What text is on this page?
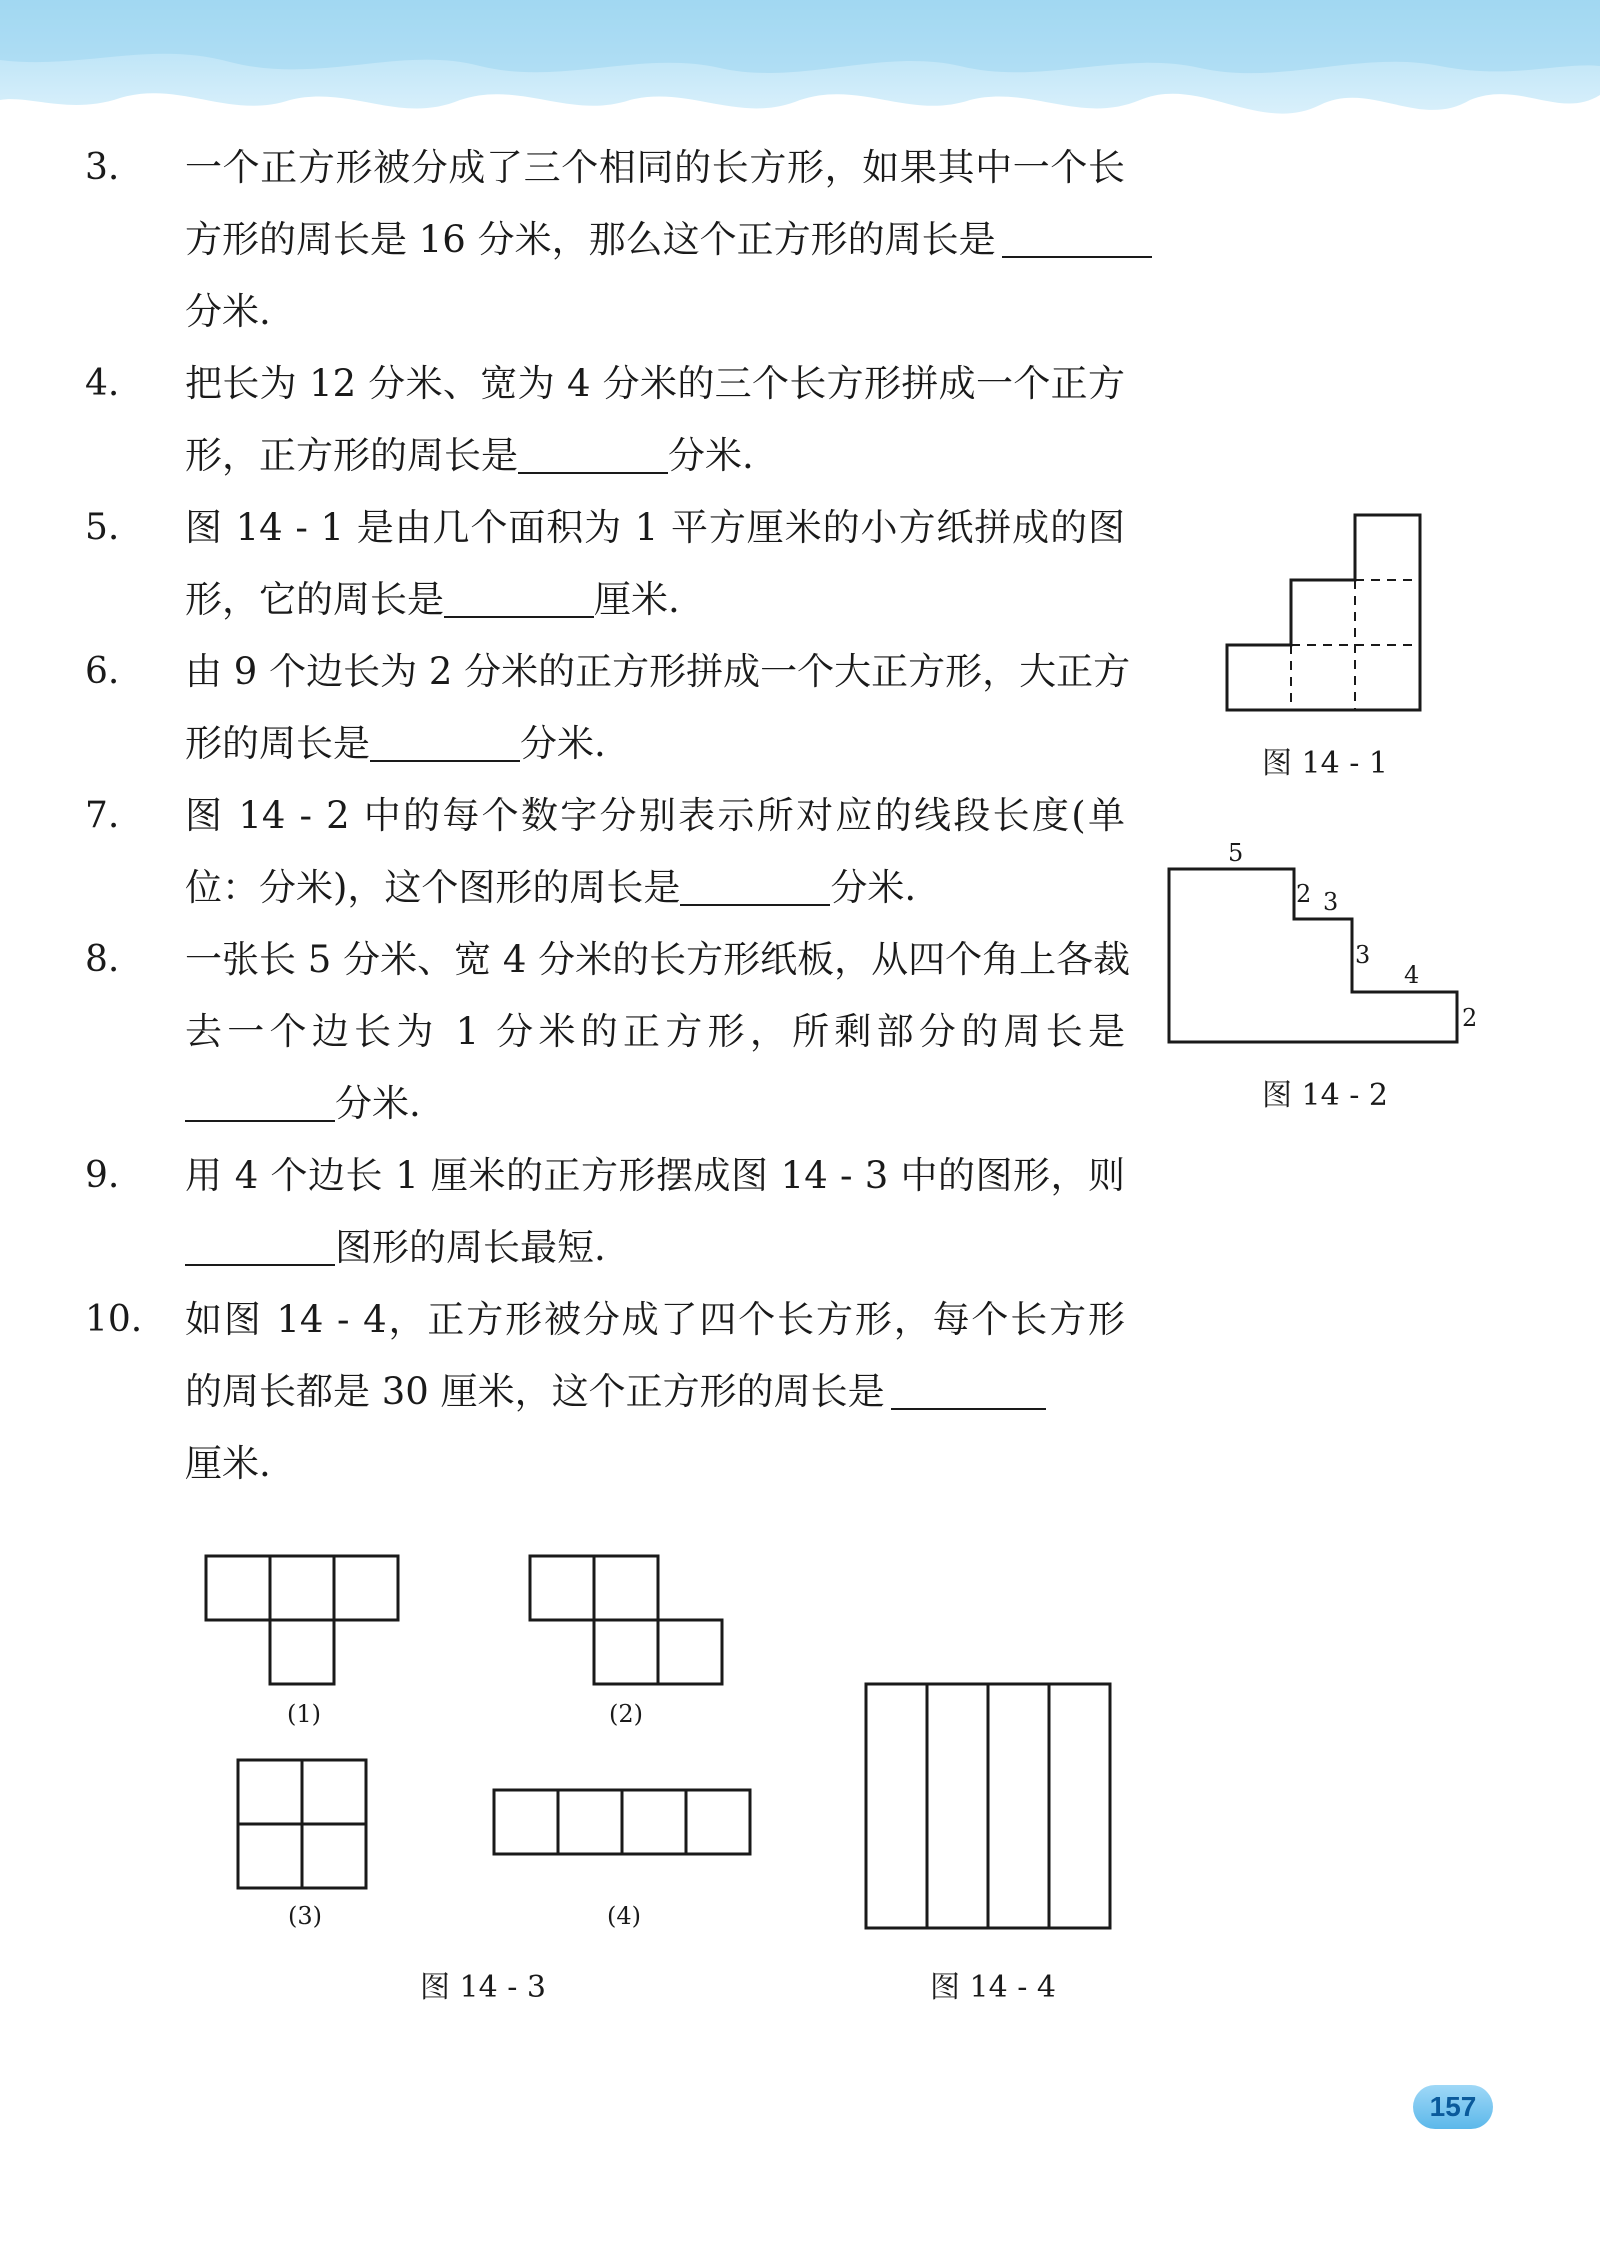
3.	一个正方形被分成了三个相同的长方形，如果其中一个长
方形的周长是 16 分米，那么这个正方形的周长是
分米.
4.	把长为 12 分米、宽为 4 分米的三个长方形拼成一个正方
形，正方形的周长是	分米.
5.	图 14 - 1 是由几个面积为 1 平方厘米的小方纸拼成的图
形，它的周长是	厘米.
6.	由 9 个边长为 2 分米的正方形拼成一个大正方形，大正方
形的周长是	分米.
7.	图 14 - 2 中的每个数字分别表示所对应的线段长度(单
位：分米)，这个图形的周长是	分米.
8.	一张长 5 分米、宽 4 分米的长方形纸板，从四个角上各裁
去一个边长为 1 分米的正方形，所剩部分的周长是
分米.
9.	用 4 个边长 1 厘米的正方形摆成图 14 - 3 中的图形，则
图形的周长最短.
10.	如图 14 - 4，正方形被分成了四个长方形，每个长方形
的周长都是 30 厘米，这个正方形的周长是
厘米.
图 14 - 1
5
2 3
3
4
2
图 14 - 2
(1)	(2)
(3)	(4)
图 14 - 3	图 14 - 4
157
